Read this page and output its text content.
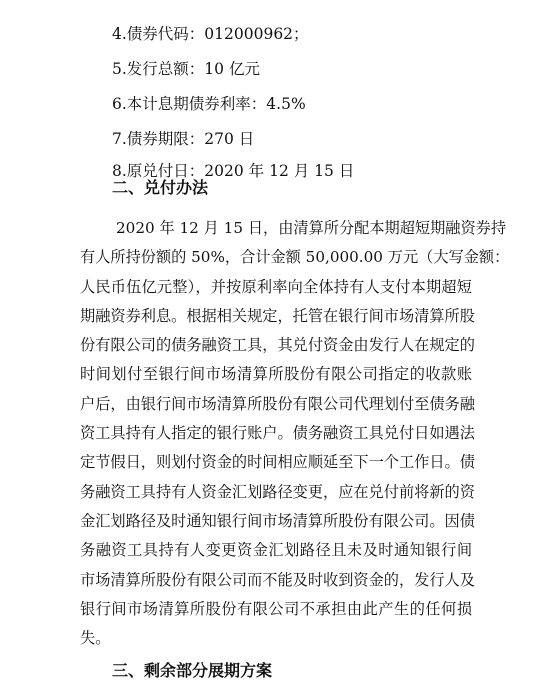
4.债券代码：012000962；
5.发行总额：10 亿元
6.本计息期债券利率：4.5%
7.债券期限：270 日
8.原兑付日：2020 年 12 月 15 日
二、兑付办法
2020 年 12 月 15 日，由清算所分配本期超短期融资券持
有人所持份额的 50%，合计金额 50,000.00 万元（大写金额：
人民币伍亿元整），并按原利率向全体持有人支付本期超短
期融资券利息。根据相关规定，托管在银行间市场清算所股
份有限公司的债务融资工具，其兑付资金由发行人在规定的
时间划付至银行间市场清算所股份有限公司指定的收款账
户后，由银行间市场清算所股份有限公司代理划付至债务融
资工具持有人指定的银行账户。债务融资工具兑付日如遇法
定节假日，则划付资金的时间相应顺延至下一个工作日。债
务融资工具持有人资金汇划路径变更，应在兑付前将新的资
金汇划路径及时通知银行间市场清算所股份有限公司。因债
务融资工具持有人变更资金汇划路径且未及时通知银行间
市场清算所股份有限公司而不能及时收到资金的，发行人及
银行间市场清算所股份有限公司不承担由此产生的任何损
失。
三、剩余部分展期方案
